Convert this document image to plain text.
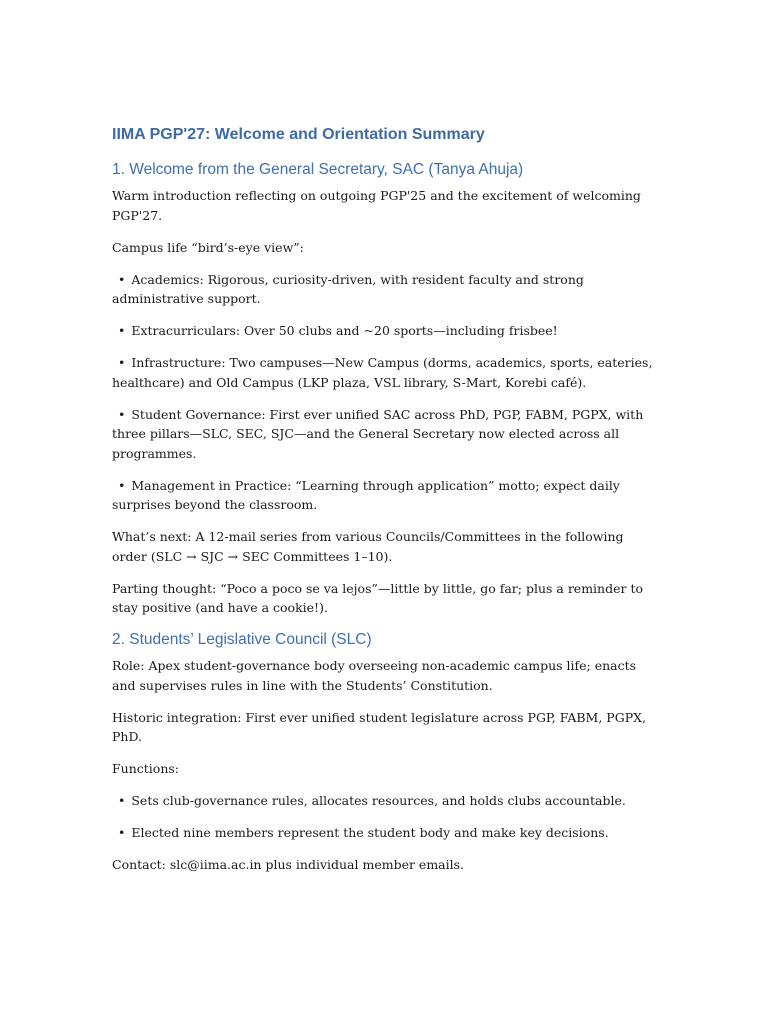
IIMA PGP'27: Welcome and Orientation Summary
1. Welcome from the General Secretary, SAC (Tanya Ahuja)

Warm introduction reflecting on outgoing PGP'25 and the excitement of welcoming PGP'27.

Campus life “bird’s-eye view”:

• Academics: Rigorous, curiosity-driven, with resident faculty and strong administrative support.

• Extracurriculars: Over 50 clubs and ~20 sports—including frisbee!

• Infrastructure: Two campuses—New Campus (dorms, academics, sports, eateries, healthcare) and Old Campus (LKP plaza, VSL library, S-Mart, Korebi café).

• Student Governance: First ever unified SAC across PhD, PGP, FABM, PGPX, with three pillars—SLC, SEC, SJC—and the General Secretary now elected across all programmes.

• Management in Practice: “Learning through application” motto; expect daily surprises beyond the classroom.

What’s next: A 12-mail series from various Councils/Committees in the following order (SLC → SJC → SEC Committees 1–10).

Parting thought: “Poco a poco se va lejos”—little by little, go far; plus a reminder to stay positive (and have a cookie!).

2. Students’ Legislative Council (SLC)

Role: Apex student-governance body overseeing non-academic campus life; enacts and supervises rules in line with the Students’ Constitution.

Historic integration: First ever unified student legislature across PGP, FABM, PGPX, PhD.

Functions:

• Sets club-governance rules, allocates resources, and holds clubs accountable.

• Elected nine members represent the student body and make key decisions.

Contact: slc@iima.ac.in plus individual member emails.
